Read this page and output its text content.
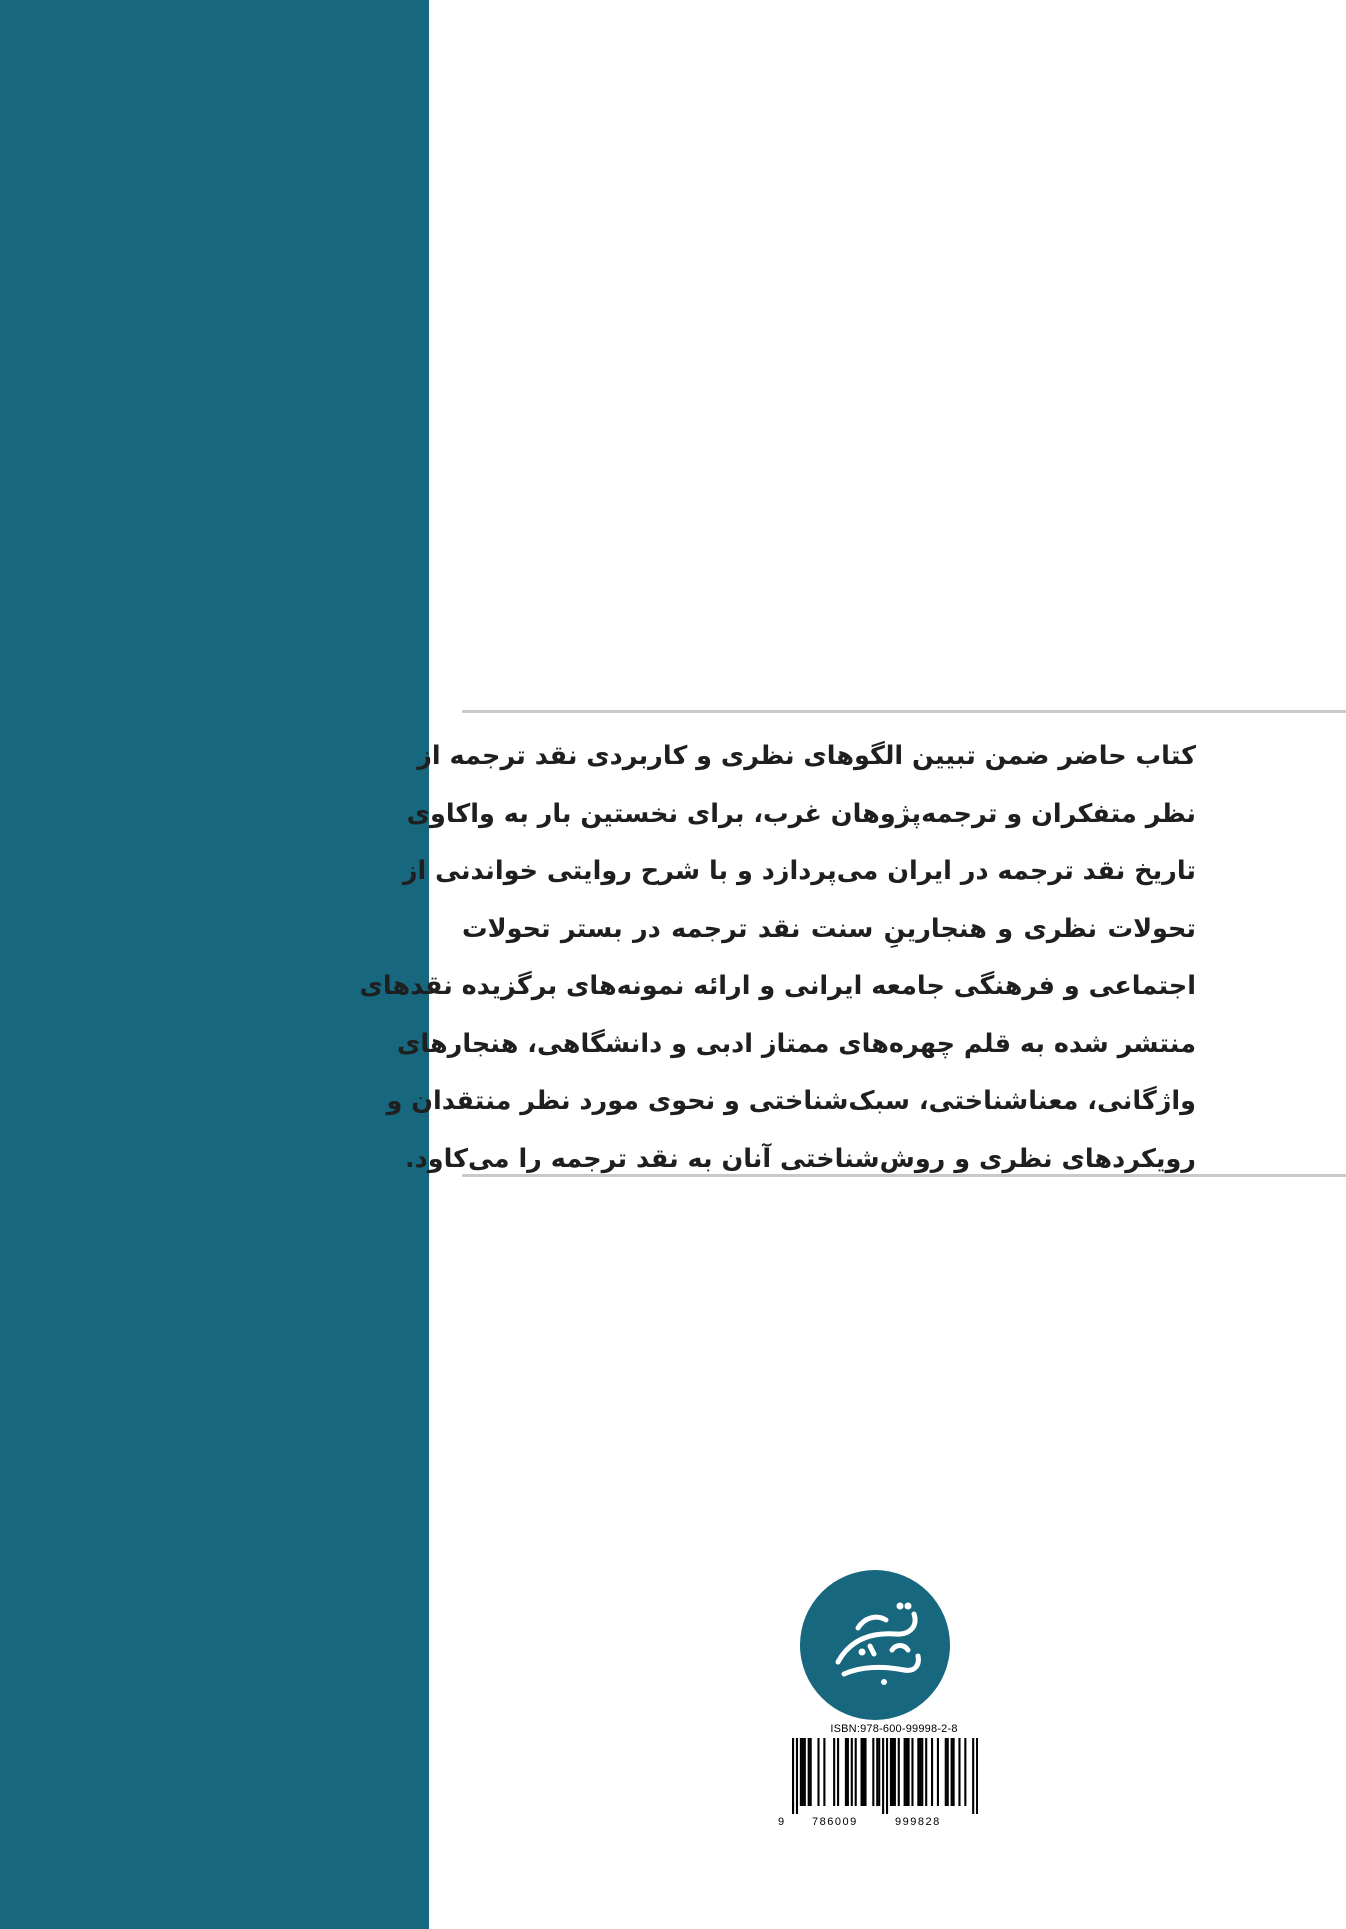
کتاب حاضر ضمن تبیین الگوهای نظری و کاربردی نقد ترجمه از
نظر متفکران و ترجمه‌پژوهان غرب، برای نخستین بار به واکاوی
تاریخ نقد ترجمه در ایران می‌پردازد و با شرح روایتی خواندنی از
تحولات نظری و هنجارینِ سنت نقد ترجمه در بستر تحولات
اجتماعی و فرهنگی جامعه ایرانی و ارائه نمونه‌های برگزیده نقدهای
منتشر شده به قلم چهره‌های ممتاز ادبی و دانشگاهی، هنجارهای
واژگانی، معناشناختی، سبک‌شناختی و نحوی مورد نظر منتقدان و
رویکردهای نظری و روش‌شناختی آنان به نقد ترجمه را می‌کاود.
ISBN:978-600-99998-2-8
9	786009	999828
